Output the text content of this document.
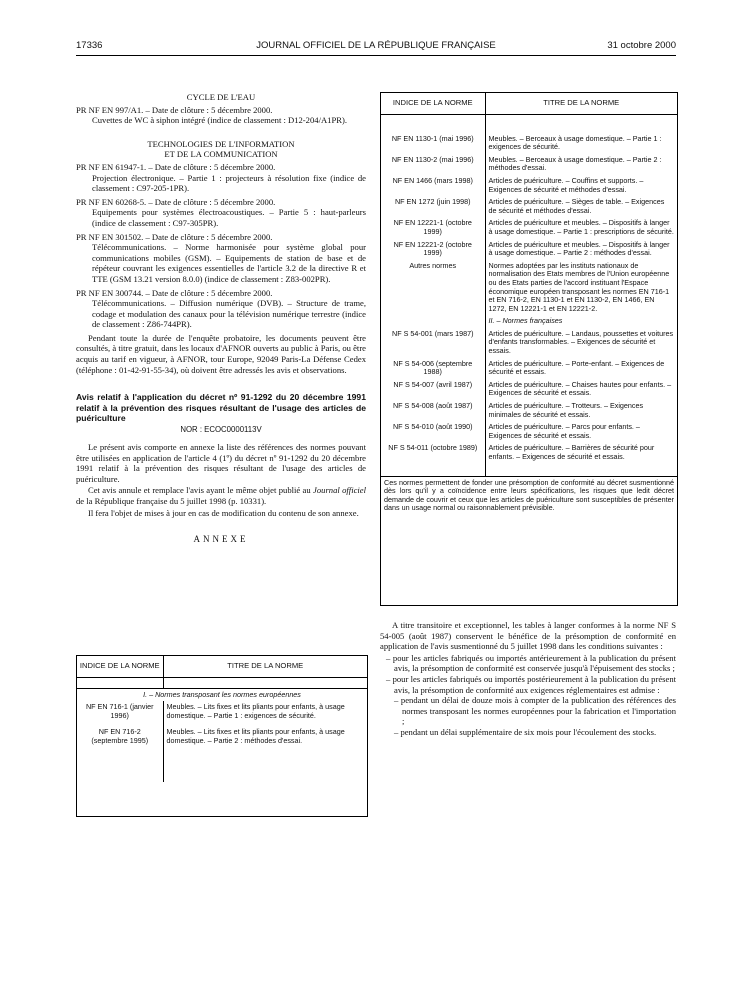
17336	JOURNAL OFFICIEL DE LA RÉPUBLIQUE FRANÇAISE	31 octobre 2000
CYCLE DE L'EAU
PR NF EN 997/A1. – Date de clôture : 5 décembre 2000.
Cuvettes de WC à siphon intégré (indice de classement : D12-204/A1PR).
TECHNOLOGIES DE L'INFORMATION
ET DE LA COMMUNICATION
PR NF EN 61947-1. – Date de clôture : 5 décembre 2000.
Projection électronique. – Partie 1 : projecteurs à résolution fixe (indice de classement : C97-205-1PR).
PR NF EN 60268-5. – Date de clôture : 5 décembre 2000.
Equipements pour systèmes électroacoustiques. – Partie 5 : haut-parleurs (indice de classement : C97-305PR).
PR NF EN 301502. – Date de clôture : 5 décembre 2000.
Télécommunications. – Norme harmonisée pour système global pour communications mobiles (GSM). – Equipements de station de base et de répéteur couvrant les exigences essentielles de l'article 3.2 de la directive R et TTE (GSM 13.21 version 8.0.0) (indice de classement : Z83-002PR).
PR NF EN 300744. – Date de clôture : 5 décembre 2000.
Télécommunications. – Diffusion numérique (DVB). – Structure de trame, codage et modulation des canaux pour la télévision numérique terrestre (indice de classement : Z86-744PR).
Pendant toute la durée de l'enquête probatoire, les documents peuvent être consultés, à titre gratuit, dans les locaux d'AFNOR ouverts au public à Paris, ou être acquis au tarif en vigueur, à AFNOR, tour Europe, 92049 Paris-La Défense Cedex (téléphone : 01-42-91-55-34), où doivent être adressés les avis et observations.
Avis relatif à l'application du décret nº 91-1292 du 20 décembre 1991 relatif à la prévention des risques résultant de l'usage des articles de puériculture
NOR : ECOC0000113V
Le présent avis comporte en annexe la liste des références des normes pouvant être utilisées en application de l'article 4 (1º) du décret nº 91-1292 du 20 décembre 1991 relatif à la prévention des risques résultant de l'usage des articles de puériculture.
Cet avis annule et remplace l'avis ayant le même objet publié au Journal officiel de la République française du 5 juillet 1998 (p. 10331).
Il fera l'objet de mises à jour en cas de modification du contenu de son annexe.
ANNEXE
INDICE DE LA NORME	TITRE DE LA NORME

I. – Normes transposant les normes européennes	
NF EN 716-1 (janvier 1996)	Meubles. – Lits fixes et lits pliants pour enfants, à usage domestique. – Partie 1 : exigences de sécurité.
NF EN 716-2 (septembre 1995)	Meubles. – Lits fixes et lits pliants pour enfants, à usage domestique. – Partie 2 : méthodes d'essai.

INDICE DE LA NORME	TITRE DE LA NORME

NF EN 1130-1 (mai 1996)	Meubles. – Berceaux à usage domestique. – Partie 1 : exigences de sécurité.
NF EN 1130-2 (mai 1996)	Meubles. – Berceaux à usage domestique. – Partie 2 : méthodes d'essai.
NF EN 1466 (mars 1998)	Articles de puériculture. – Couffins et supports. – Exigences de sécurité et méthodes d'essai.
NF EN 1272 (juin 1998)	Articles de puériculture. – Sièges de table. – Exigences de sécurité et méthodes d'essai.
NF EN 12221-1 (octobre 1999)	Articles de puériculture et meubles. – Dispositifs à langer à usage domestique. – Partie 1 : prescriptions de sécurité.
NF EN 12221-2 (octobre 1999)	Articles de puériculture et meubles. – Dispositifs à langer à usage domestique. – Partie 2 : méthodes d'essai.
Autres normes	Normes adoptées par les instituts nationaux de normalisation des Etats membres de l'Union européenne ou des Etats parties de l'accord instituant l'Espace économique européen transposant les normes EN 716-1 et EN 716-2, EN 1130-1 et EN 1130-2, EN 1466, EN 1272, EN 12221-1 et EN 12221-2.
	II. – Normes françaises
NF S 54-001 (mars 1987)	Articles de puériculture. – Landaus, poussettes et voitures d'enfants transformables. – Exigences de sécurité et essais.
NF S 54-006 (septembre 1988)	Articles de puériculture. – Porte-enfant. – Exigences de sécurité et essais.
NF S 54-007 (avril 1987)	Articles de puériculture. – Chaises hautes pour enfants. – Exigences de sécurité et essais.
NF S 54-008 (août 1987)	Articles de puériculture. – Trotteurs. – Exigences minimales de sécurité et essais.
NF S 54-010 (août 1990)	Articles de puériculture. – Parcs pour enfants. – Exigences de sécurité et essais.
NF S 54-011 (octobre 1989)	Articles de puériculture. – Barrières de sécurité pour enfants. – Exigences de sécurité et essais.

Ces normes permettent de fonder une présomption de conformité au décret susmentionné dès lors qu'il y a coïncidence entre leurs spécifications, les risques que ledit décret demande de couvrir et ceux que les articles de puériculture sont susceptibles de présenter dans un usage normal ou raisonnablement prévisible.	
A titre transitoire et exceptionnel, les tables à langer conformes à la norme NF S 54-005 (août 1987) conservent le bénéfice de la présomption de conformité en application de l'avis susmentionné du 5 juillet 1998 dans les conditions suivantes :
– pour les articles fabriqués ou importés antérieurement à la publication du présent avis, la présomption de conformité est conservée jusqu'à l'épuisement des stocks ;
– pour les articles fabriqués ou importés postérieurement à la publication du présent avis, la présomption de conformité aux exigences réglementaires est admise :
– pendant un délai de douze mois à compter de la publication des références des normes transposant les normes européennes pour la fabrication et l'importation ;
– pendant un délai supplémentaire de six mois pour l'écoulement des stocks.
